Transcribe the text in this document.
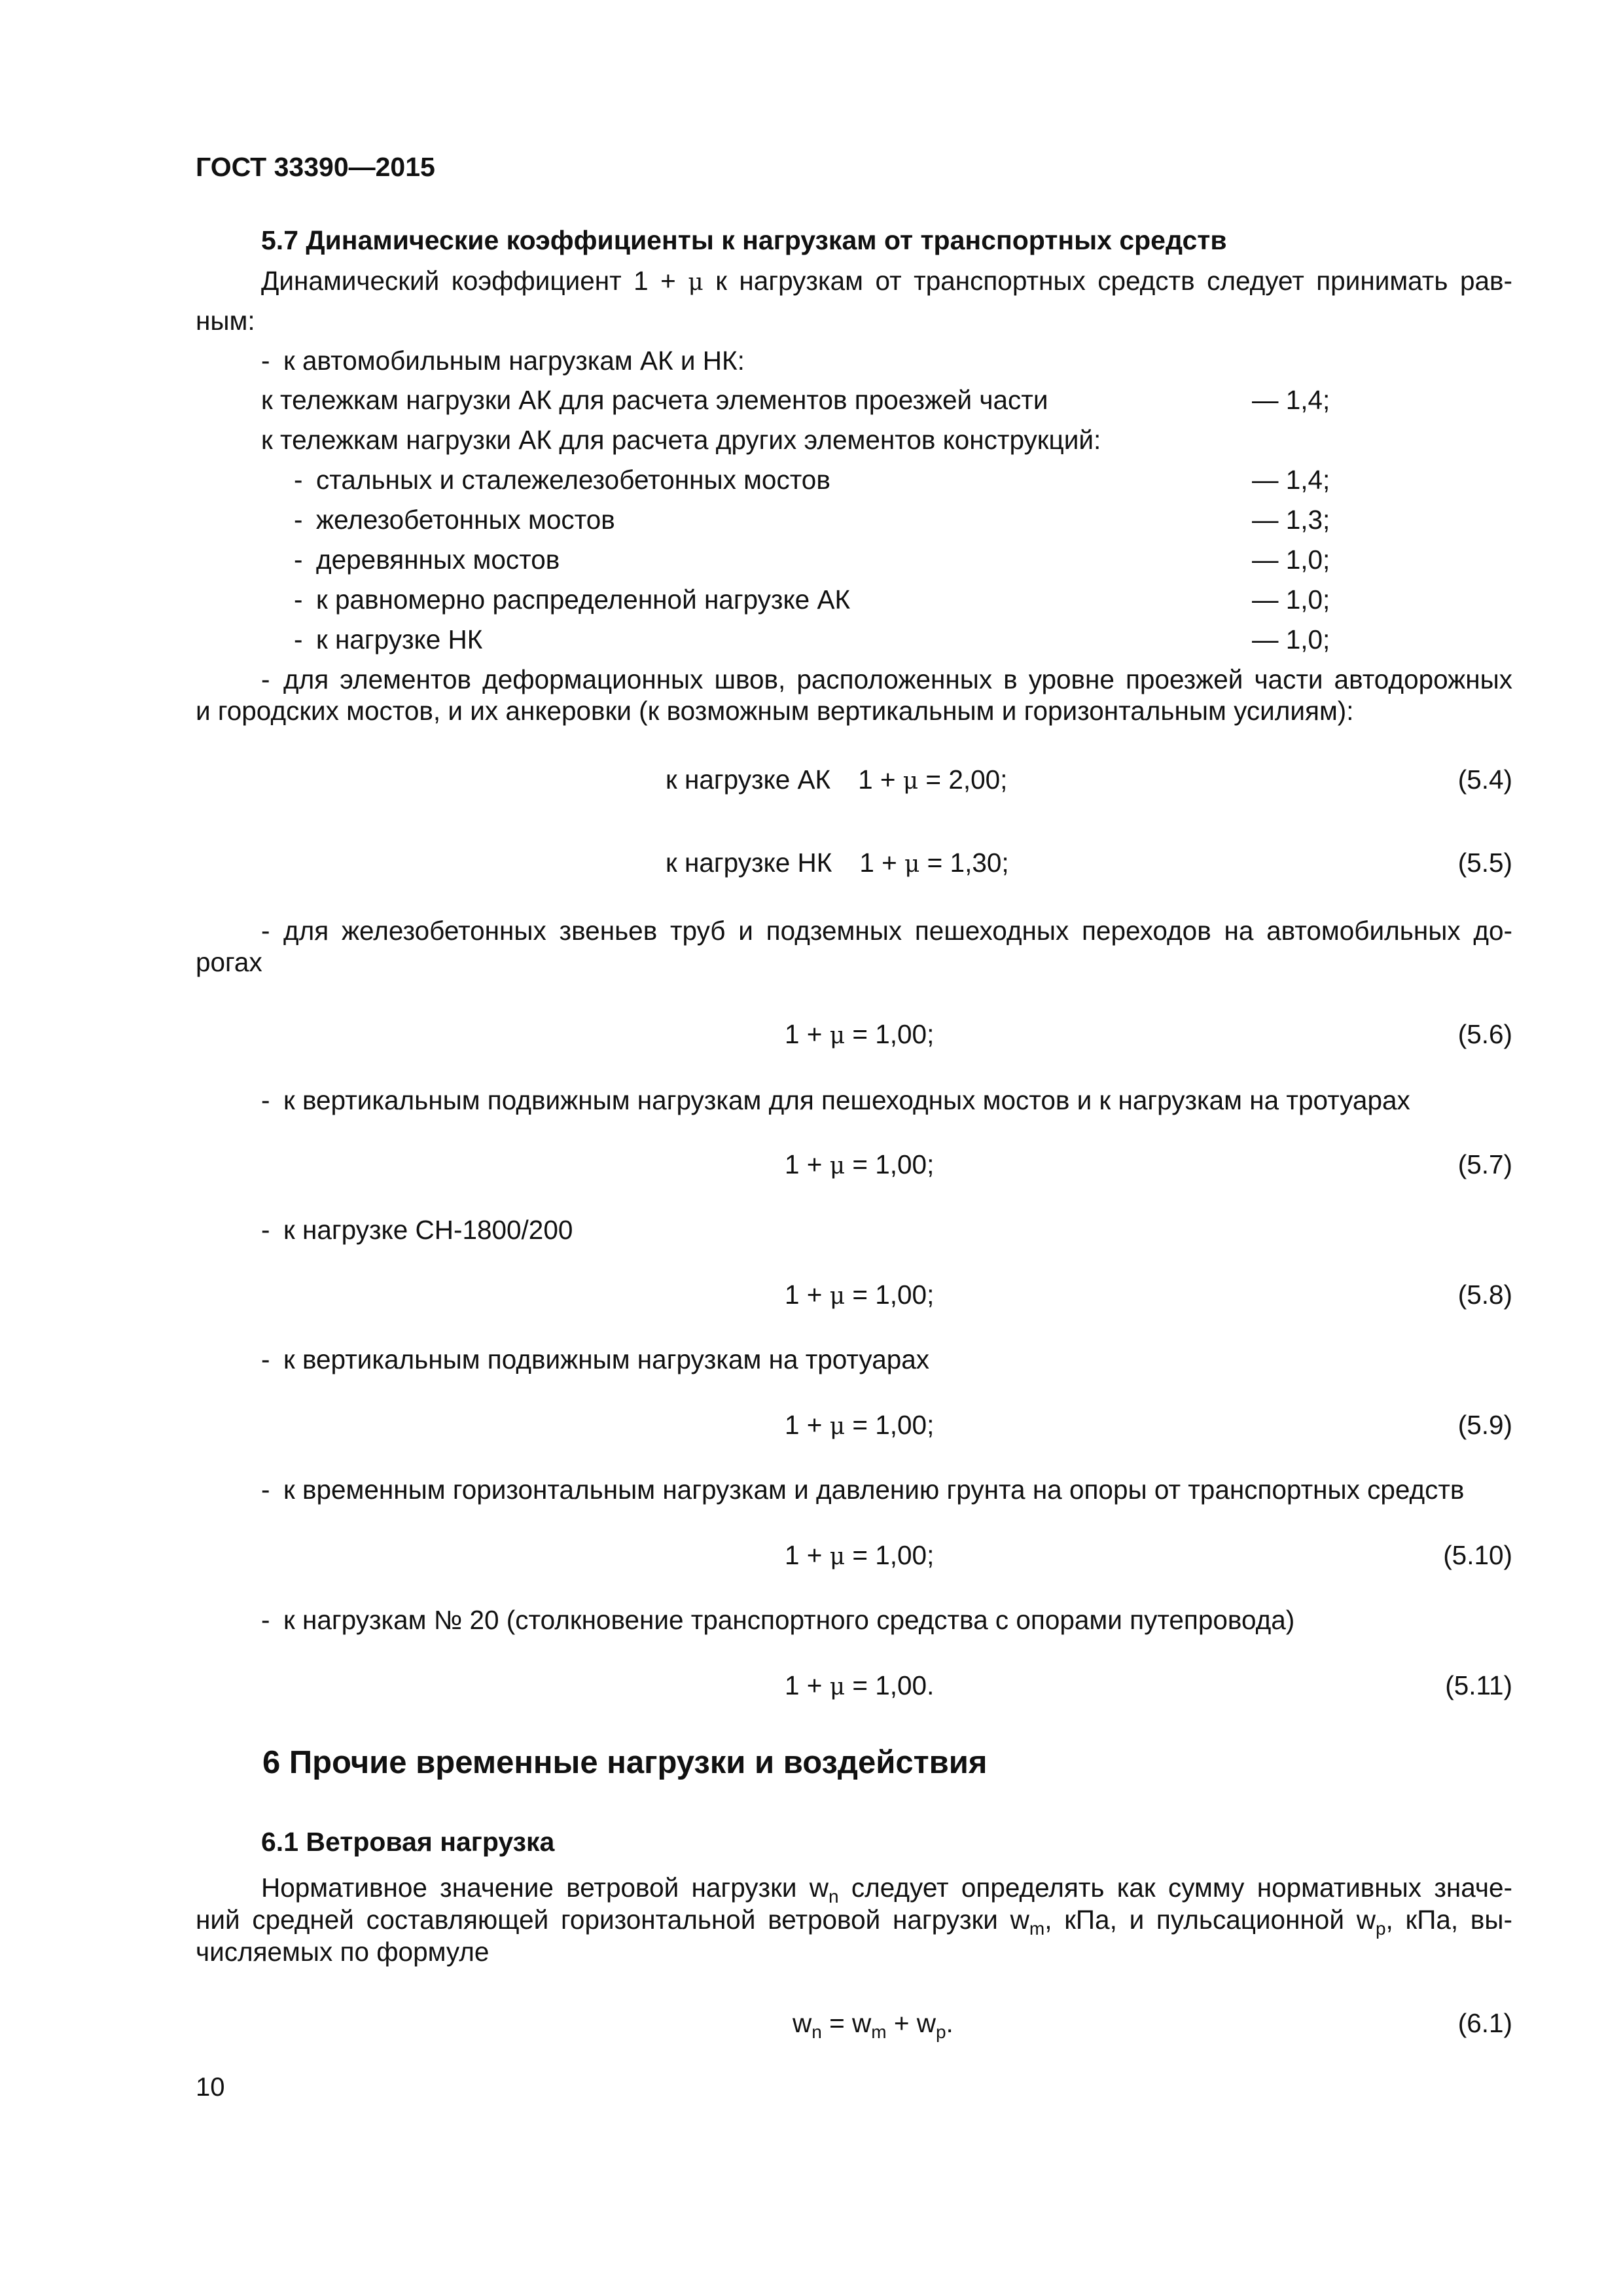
ГОСТ 33390—2015
5.7 Динамические коэффициенты к нагрузкам от транспортных средств
Динамический коэффициент 1 + μ к нагрузкам от транспортных средств следует принимать рав-
ным:
- к автомобильным нагрузкам АК и НК:
к тележкам нагрузки АК для расчета элементов проезжей части	— 1,4;
к тележкам нагрузки АК для расчета других элементов конструкций:
- стальных и сталежелезобетонных мостов	— 1,4;
- железобетонных мостов	— 1,3;
- деревянных мостов	— 1,0;
- к равномерно распределенной нагрузке АК	— 1,0;
- к нагрузке НК	— 1,0;
- для элементов деформационных швов, расположенных в уровне проезжей части автодорожных
и городских мостов, и их анкеровки (к возможным вертикальным и горизонтальным усилиям):
к нагрузке АК 1 + μ = 2,00;	(5.4)
к нагрузке НК 1 + μ = 1,30;	(5.5)
- для железобетонных звеньев труб и подземных пешеходных переходов на автомобильных до-
рогах
1 + μ = 1,00;	(5.6)
- к вертикальным подвижным нагрузкам для пешеходных мостов и к нагрузкам на тротуарах
1 + μ = 1,00;	(5.7)
- к нагрузке СН-1800/200
1 + μ = 1,00;	(5.8)
- к вертикальным подвижным нагрузкам на тротуарах
1 + μ = 1,00;	(5.9)
- к временным горизонтальным нагрузкам и давлению грунта на опоры от транспортных средств
1 + μ = 1,00;	(5.10)
- к нагрузкам № 20 (столкновение транспортного средства с опорами путепровода)
1 + μ = 1,00.	(5.11)
6 Прочие временные нагрузки и воздействия
6.1 Ветровая нагрузка
Нормативное значение ветровой нагрузки $w_n$ следует определять как сумму нормативных значе-
ний средней составляющей горизонтальной ветровой нагрузки $w_m$, кПа, и пульсационной $w_p$, кПа, вы-
числяемых по формуле
$w_n = w_m + w_p$.	(6.1)
10
